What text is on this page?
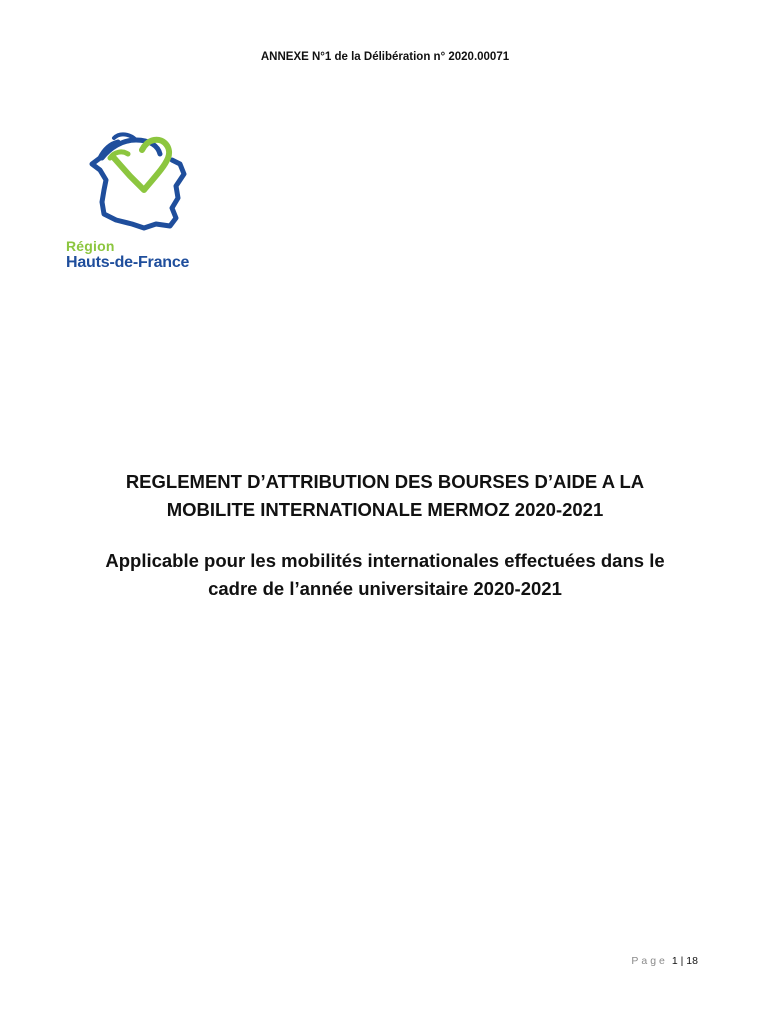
ANNEXE N°1 de la Délibération n° 2020.00071
Région
Hauts-de-France
REGLEMENT D’ATTRIBUTION DES BOURSES D’AIDE A LA
MOBILITE INTERNATIONALE MERMOZ 2020-2021
Applicable pour les mobilités internationales effectuées dans le
cadre de l’année universitaire 2020-2021
Page 1 | 18
